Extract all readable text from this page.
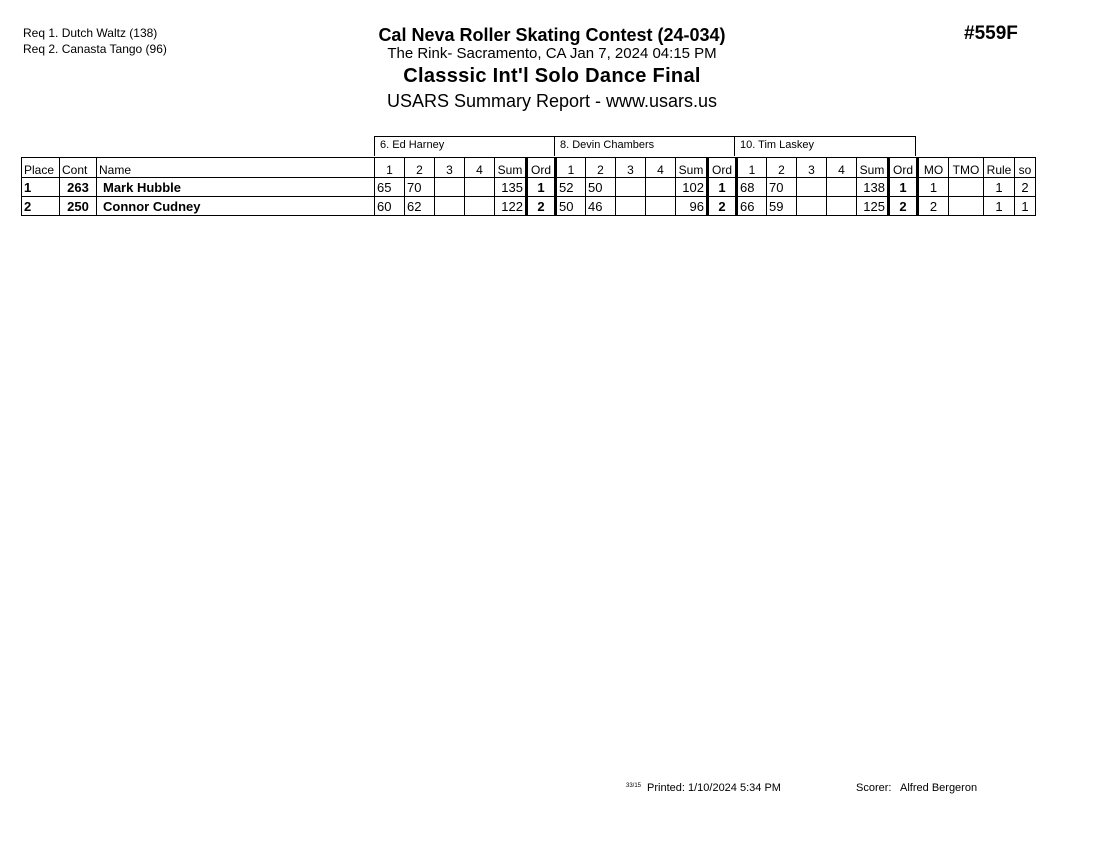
Req 1. Dutch Waltz (138)
Req 2. Canasta Tango (96)
Cal Neva Roller Skating Contest (24-034)
The Rink- Sacramento, CA Jan 7, 2024 04:15 PM
Classsic Int'l Solo Dance Final
USARS Summary Report - www.usars.us
#559F
6. Ed Harney	8. Devin Chambers	10. Tim Laskey
Place	Cont	Name	1	2	3	4	Sum	Ord	1	2	3	4	Sum	Ord	1	2	3	4	Sum	Ord	MO	TMO	Rule	so
1	263	Mark Hubble	65	70			135	1	52	50			102	1	68	70			138	1	1		1	2
2	250	Connor Cudney	60	62			122	2	50	46			96	2	66	59			125	2	2		1	1
$^{33/15}$ Printed: 1/10/2024 5:34 PM	Scorer: Alfred Bergeron
